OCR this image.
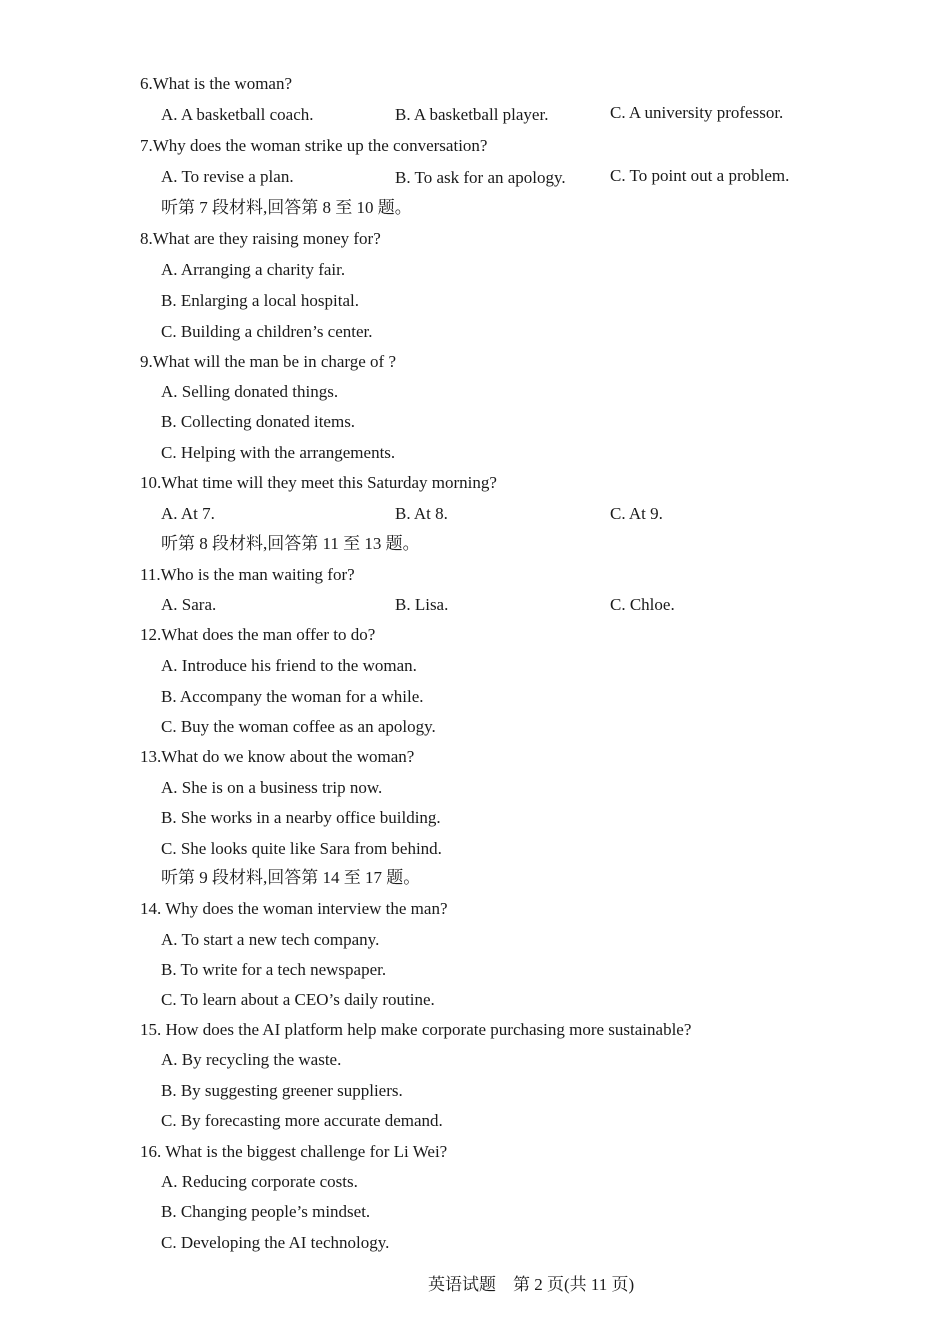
6.What is the woman?
A. A basketball coach.	B. A basketball player.	C. A university professor.
7.Why does the woman strike up the conversation?
A. To revise a plan.	B. To ask for an apology.	C. To point out a problem.
听第 7 段材料,回答第 8 至 10 题。
8.What are they raising money for?
A. Arranging a charity fair.
B. Enlarging a local hospital.
C. Building a children’s center.
9.What will the man be in charge of ?
A. Selling donated things.
B. Collecting donated items.
C. Helping with the arrangements.
10.What time will they meet this Saturday morning?
A. At 7.	B. At 8.	C. At 9.
听第 8 段材料,回答第 11 至 13 题。
11.Who is the man waiting for?
A. Sara.	B. Lisa.	C. Chloe.
12.What does the man offer to do?
A. Introduce his friend to the woman.
B. Accompany the woman for a while.
C. Buy the woman coffee as an apology.
13.What do we know about the woman?
A. She is on a business trip now.
B. She works in a nearby office building.
C. She looks quite like Sara from behind.
听第 9 段材料,回答第 14 至 17 题。
14. Why does the woman interview the man?
A. To start a new tech company.
B. To write for a tech newspaper.
C. To learn about a CEO’s daily routine.
15. How does the AI platform help make corporate purchasing more sustainable?
A. By recycling the waste.
B. By suggesting greener suppliers.
C. By forecasting more accurate demand.
16. What is the biggest challenge for Li Wei?
A. Reducing corporate costs.
B. Changing people’s mindset.
C. Developing the AI technology.
英语试题　第 2 页(共 11 页)
